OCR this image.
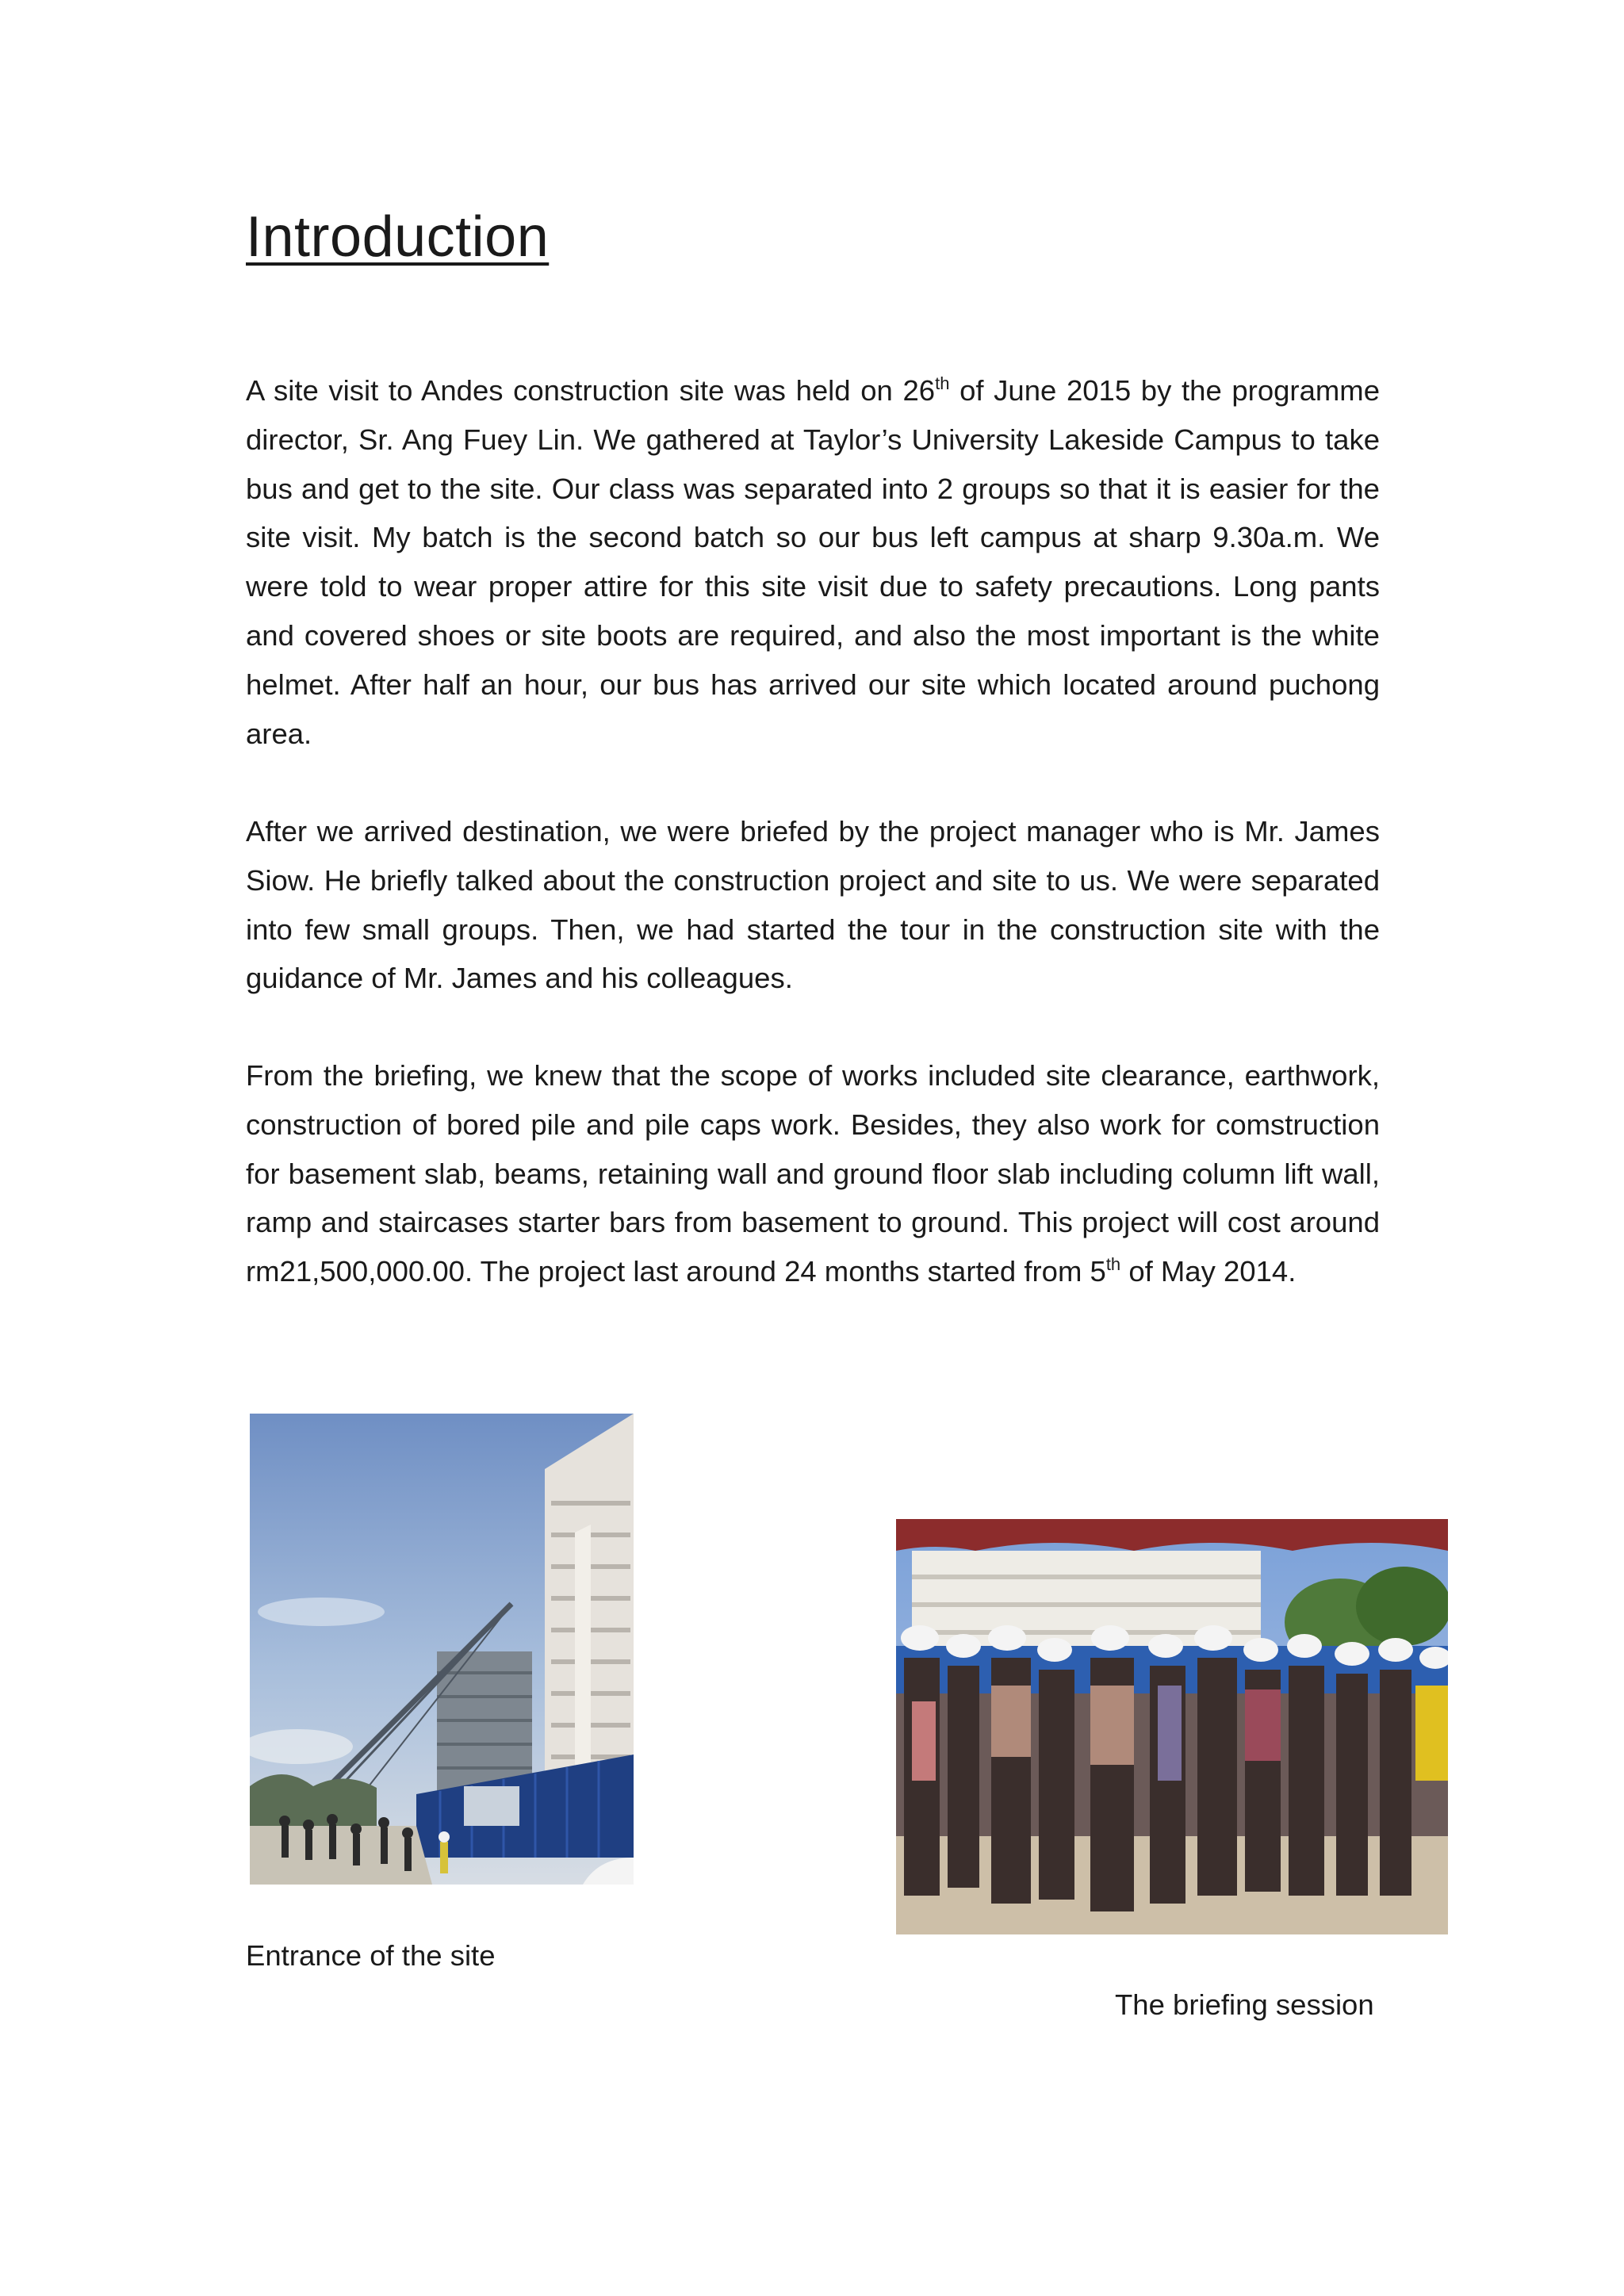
Introduction

A site visit to Andes construction site was held on 26th of June 2015 by the programme director, Sr. Ang Fuey Lin. We gathered at Taylor’s University Lakeside Campus to take bus and get to the site. Our class was separated into 2 groups so that it is easier for the site visit. My batch is the second batch so our bus left campus at sharp 9.30a.m. We were told to wear proper attire for this site visit due to safety precautions. Long pants and covered shoes or site boots are required, and also the most important is the white helmet. After half an hour, our bus has arrived our site which located around puchong area.

After we arrived destination, we were briefed by the project manager who is Mr. James Siow. He briefly talked about the construction project and site to us. We were separated into few small groups. Then, we had started the tour in the construction site with the guidance of Mr. James and his colleagues.

From the briefing, we knew that the scope of works included site clearance, earthwork, construction of bored pile and pile caps work. Besides, they also work for comstruction for basement slab, beams, retaining wall and ground floor slab including column lift wall, ramp and staircases starter bars from basement to ground. This project will cost around rm21,500,000.00. The project last around 24 months started from 5th of May 2014.

Entrance of the site

The briefing session
